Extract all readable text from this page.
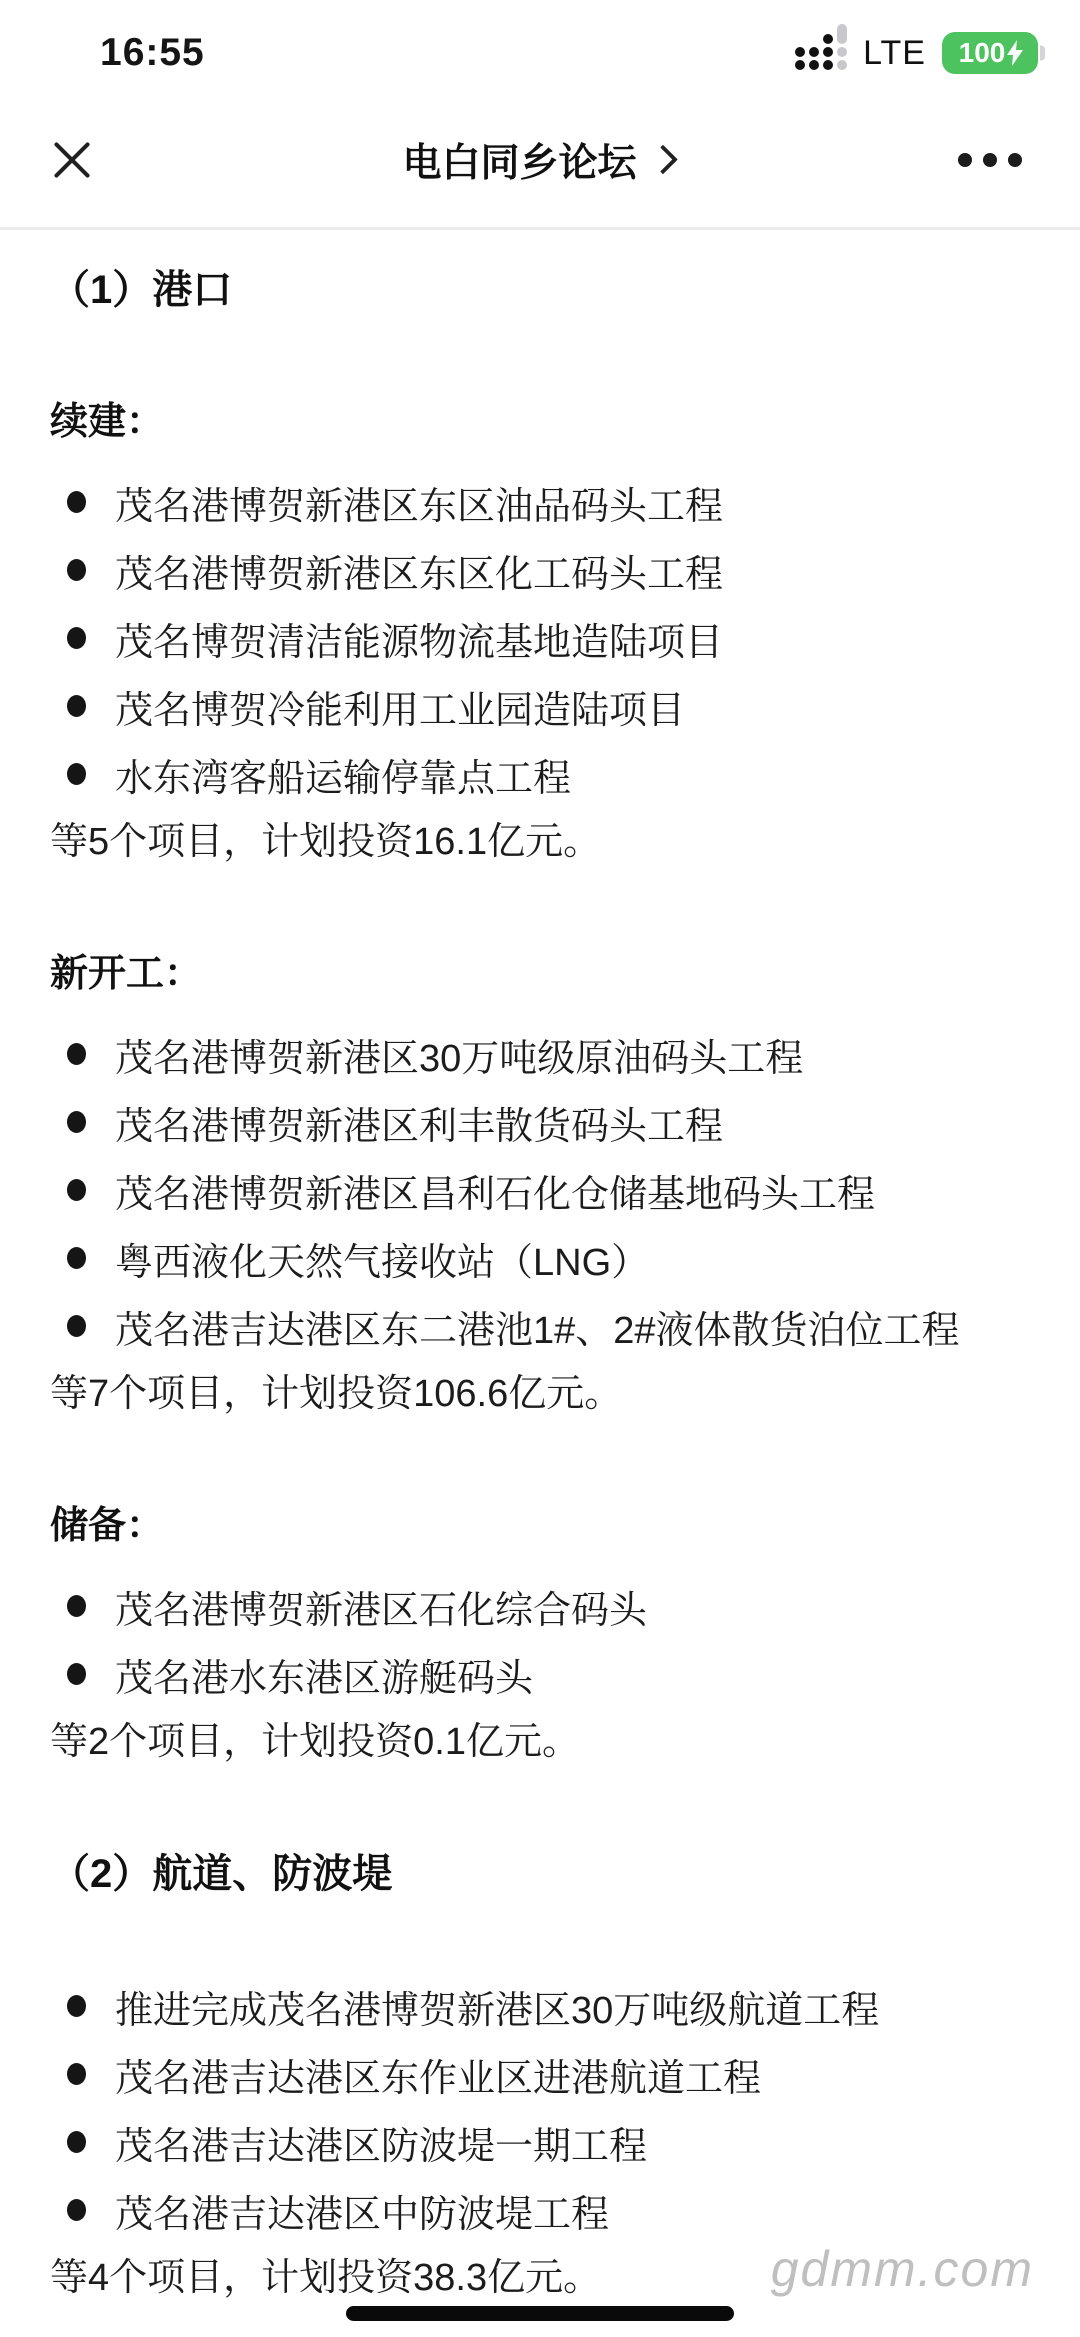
16:55	LTE 100
电白同乡论坛
（1）港口
续建：
茂名港博贺新港区东区油品码头工程
茂名港博贺新港区东区化工码头工程
茂名博贺清洁能源物流基地造陆项目
茂名博贺冷能利用工业园造陆项目
水东湾客船运输停靠点工程
等5个项目，计划投资16.1亿元。
新开工：
茂名港博贺新港区30万吨级原油码头工程
茂名港博贺新港区利丰散货码头工程
茂名港博贺新港区昌利石化仓储基地码头工程
粤西液化天然气接收站（LNG）
茂名港吉达港区东二港池1#、2#液体散货泊位工程
等7个项目，计划投资106.6亿元。
储备：
茂名港博贺新港区石化综合码头
茂名港水东港区游艇码头
等2个项目，计划投资0.1亿元。
（2）航道、防波堤
推进完成茂名港博贺新港区30万吨级航道工程
茂名港吉达港区东作业区进港航道工程
茂名港吉达港区防波堤一期工程
茂名港吉达港区中防波堤工程
等4个项目，计划投资38.3亿元。	gdmm.com
